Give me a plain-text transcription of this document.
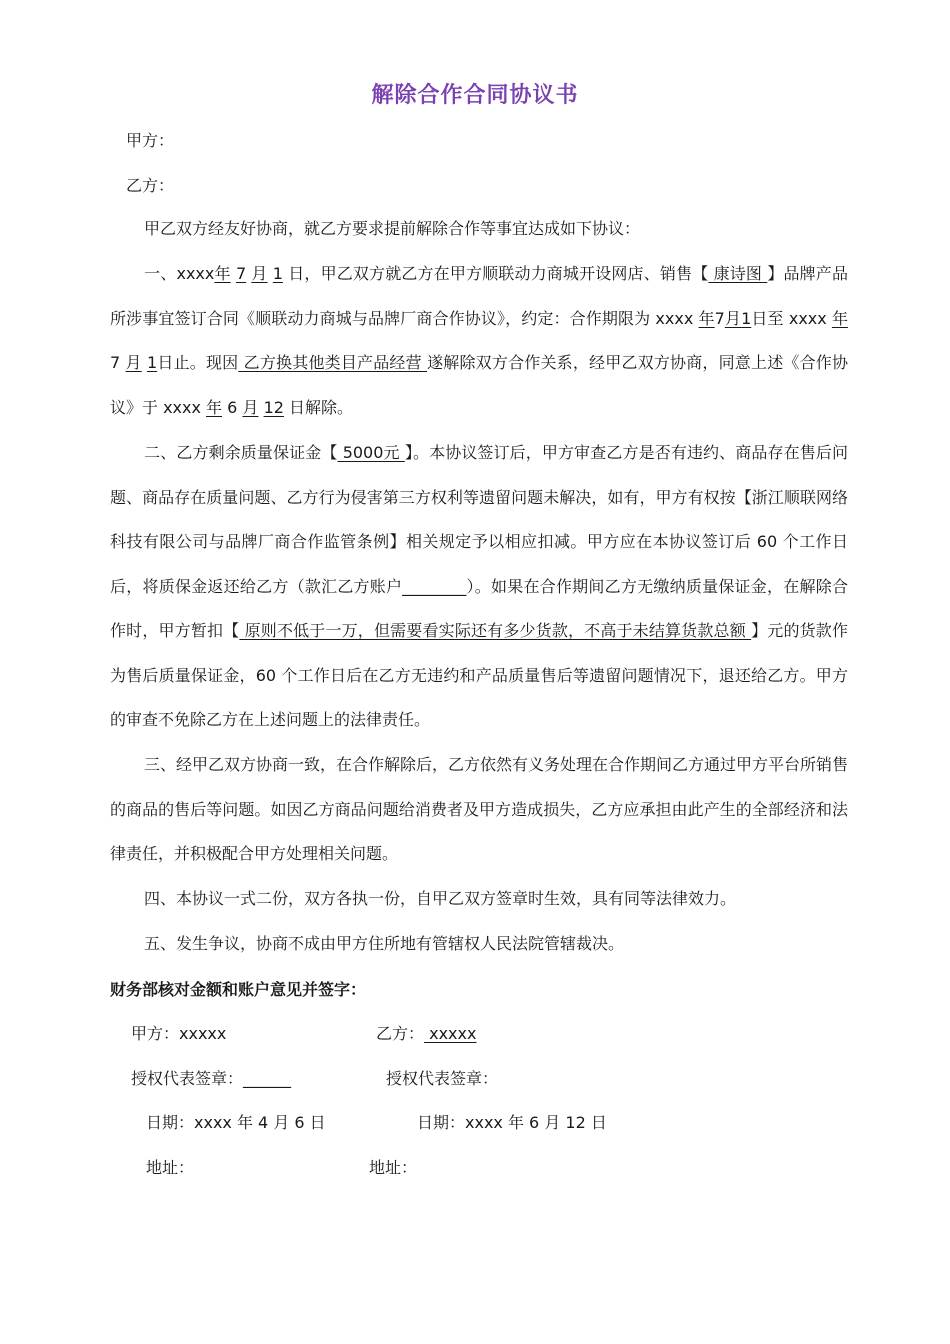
解除合作合同协议书
甲方：
乙方：
甲乙双方经友好协商，就乙方要求提前解除合作等事宜达成如下协议：
一、xxxx年 7 月 1 日，甲乙双方就乙方在甲方顺联动力商城开设网店、销售【 康诗图 】品牌产品所涉事宜签订合同《顺联动力商城与品牌厂商合作协议》，约定：合作期限为 xxxx 年7月1日至 xxxx 年7 月 1日止。现因 乙方换其他类目产品经营 遂解除双方合作关系，经甲乙双方协商，同意上述《合作协议》于 xxxx 年 6 月 12 日解除。
二、乙方剩余质量保证金【 5000元 】。本协议签订后，甲方审查乙方是否有违约、商品存在售后问题、商品存在质量问题、乙方行为侵害第三方权利等遗留问题未解决，如有，甲方有权按【浙江顺联网络科技有限公司与品牌厂商合作监管条例】相关规定予以相应扣减。甲方应在本协议签订后 60 个工作日后，将质保金返还给乙方（款汇乙方账户________）。如果在合作期间乙方无缴纳质量保证金，在解除合作时，甲方暂扣【 原则不低于一万，但需要看实际还有多少货款，不高于未结算货款总额 】元的货款作为售后质量保证金，60 个工作日后在乙方无违约和产品质量售后等遗留问题情况下，退还给乙方。甲方的审查不免除乙方在上述问题上的法律责任。
三、经甲乙双方协商一致，在合作解除后，乙方依然有义务处理在合作期间乙方通过甲方平台所销售的商品的售后等问题。如因乙方商品问题给消费者及甲方造成损失，乙方应承担由此产生的全部经济和法律责任，并积极配合甲方处理相关问题。
四、本协议一式二份，双方各执一份，自甲乙双方签章时生效，具有同等法律效力。
五、发生争议，协商不成由甲方住所地有管辖权人民法院管辖裁决。
财务部核对金额和账户意见并签字：
甲方：xxxxx	乙方： xxxxx
授权代表签章：______	授权代表签章：
日期：xxxx 年 4 月 6 日	日期：xxxx 年 6 月 12 日
地址：	地址：
